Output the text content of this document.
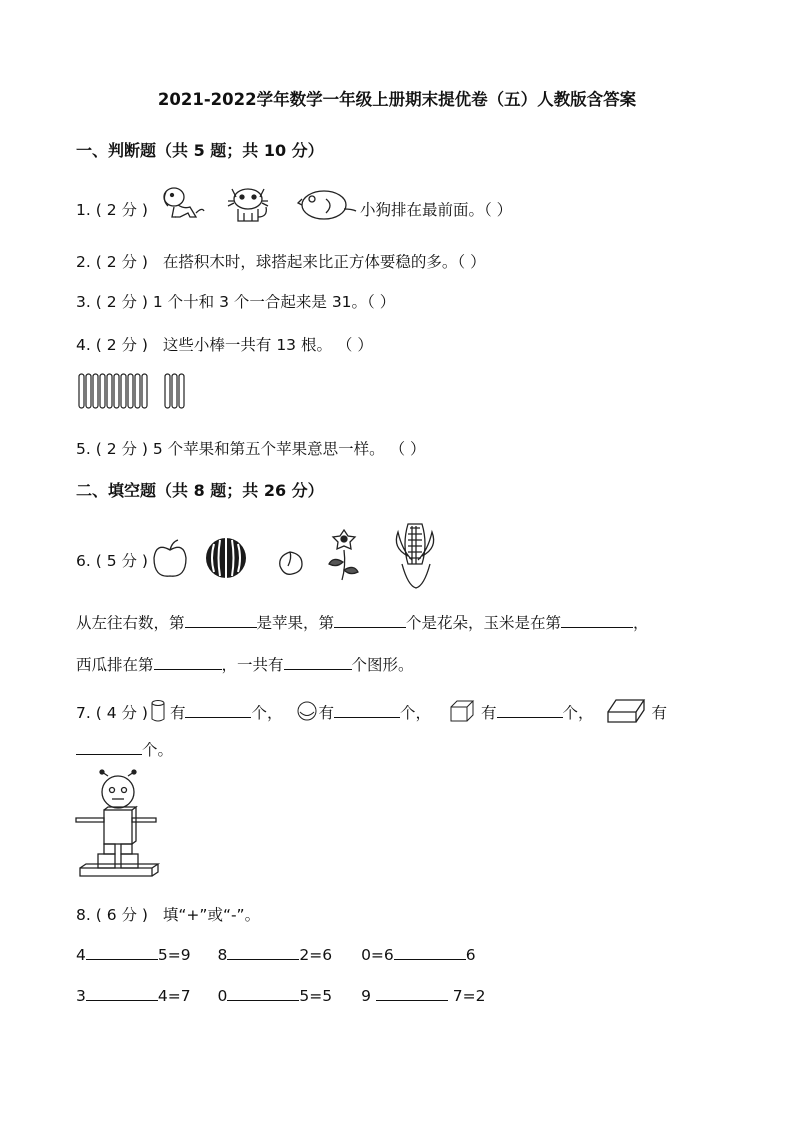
2021-2022学年数学一年级上册期末提优卷（五）人教版含答案
一、判断题（共 5 题；共 10 分）
1. ( 2 分 )	小狗排在最前面。（ ）
2. ( 2 分 ) 在搭积木时，球搭起来比正方体要稳的多。（ ）
3. ( 2 分 ) 1 个十和 3 个一合起来是 31。（ ）
4. ( 2 分 ) 这些小棒一共有 13 根。 （ ）
5. ( 2 分 ) 5 个苹果和第五个苹果意思一样。 （ ）
二、填空题（共 8 题；共 26 分）
6. ( 5 分 )
从左往右数，第	是苹果，第	个是花朵，玉米是在第	，
西瓜排在第	，一共有	个图形。
7. ( 4 分 ) 有	个， 有	个，	有	个，	有
个。
8. ( 6 分 ) 填“+”或“-”。
4	5=9 8	2=6 0=6	6
3	4=7 0	5=5 9	7=2
